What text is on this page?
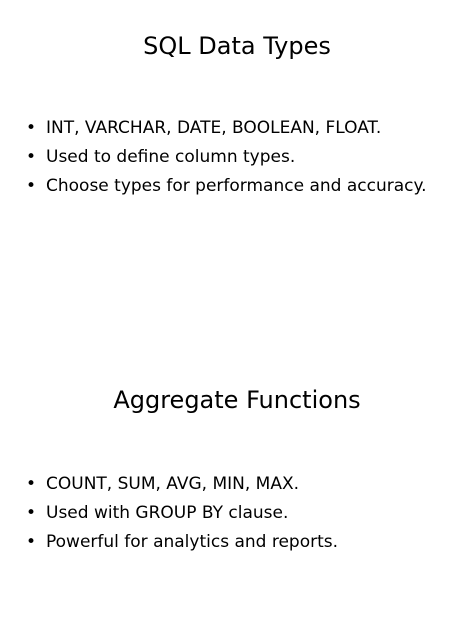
SQL Data Types
• INT, VARCHAR, DATE, BOOLEAN, FLOAT.
• Used to define column types.
• Choose types for performance and accuracy.
Aggregate Functions
• COUNT, SUM, AVG, MIN, MAX.
• Used with GROUP BY clause.
• Powerful for analytics and reports.
